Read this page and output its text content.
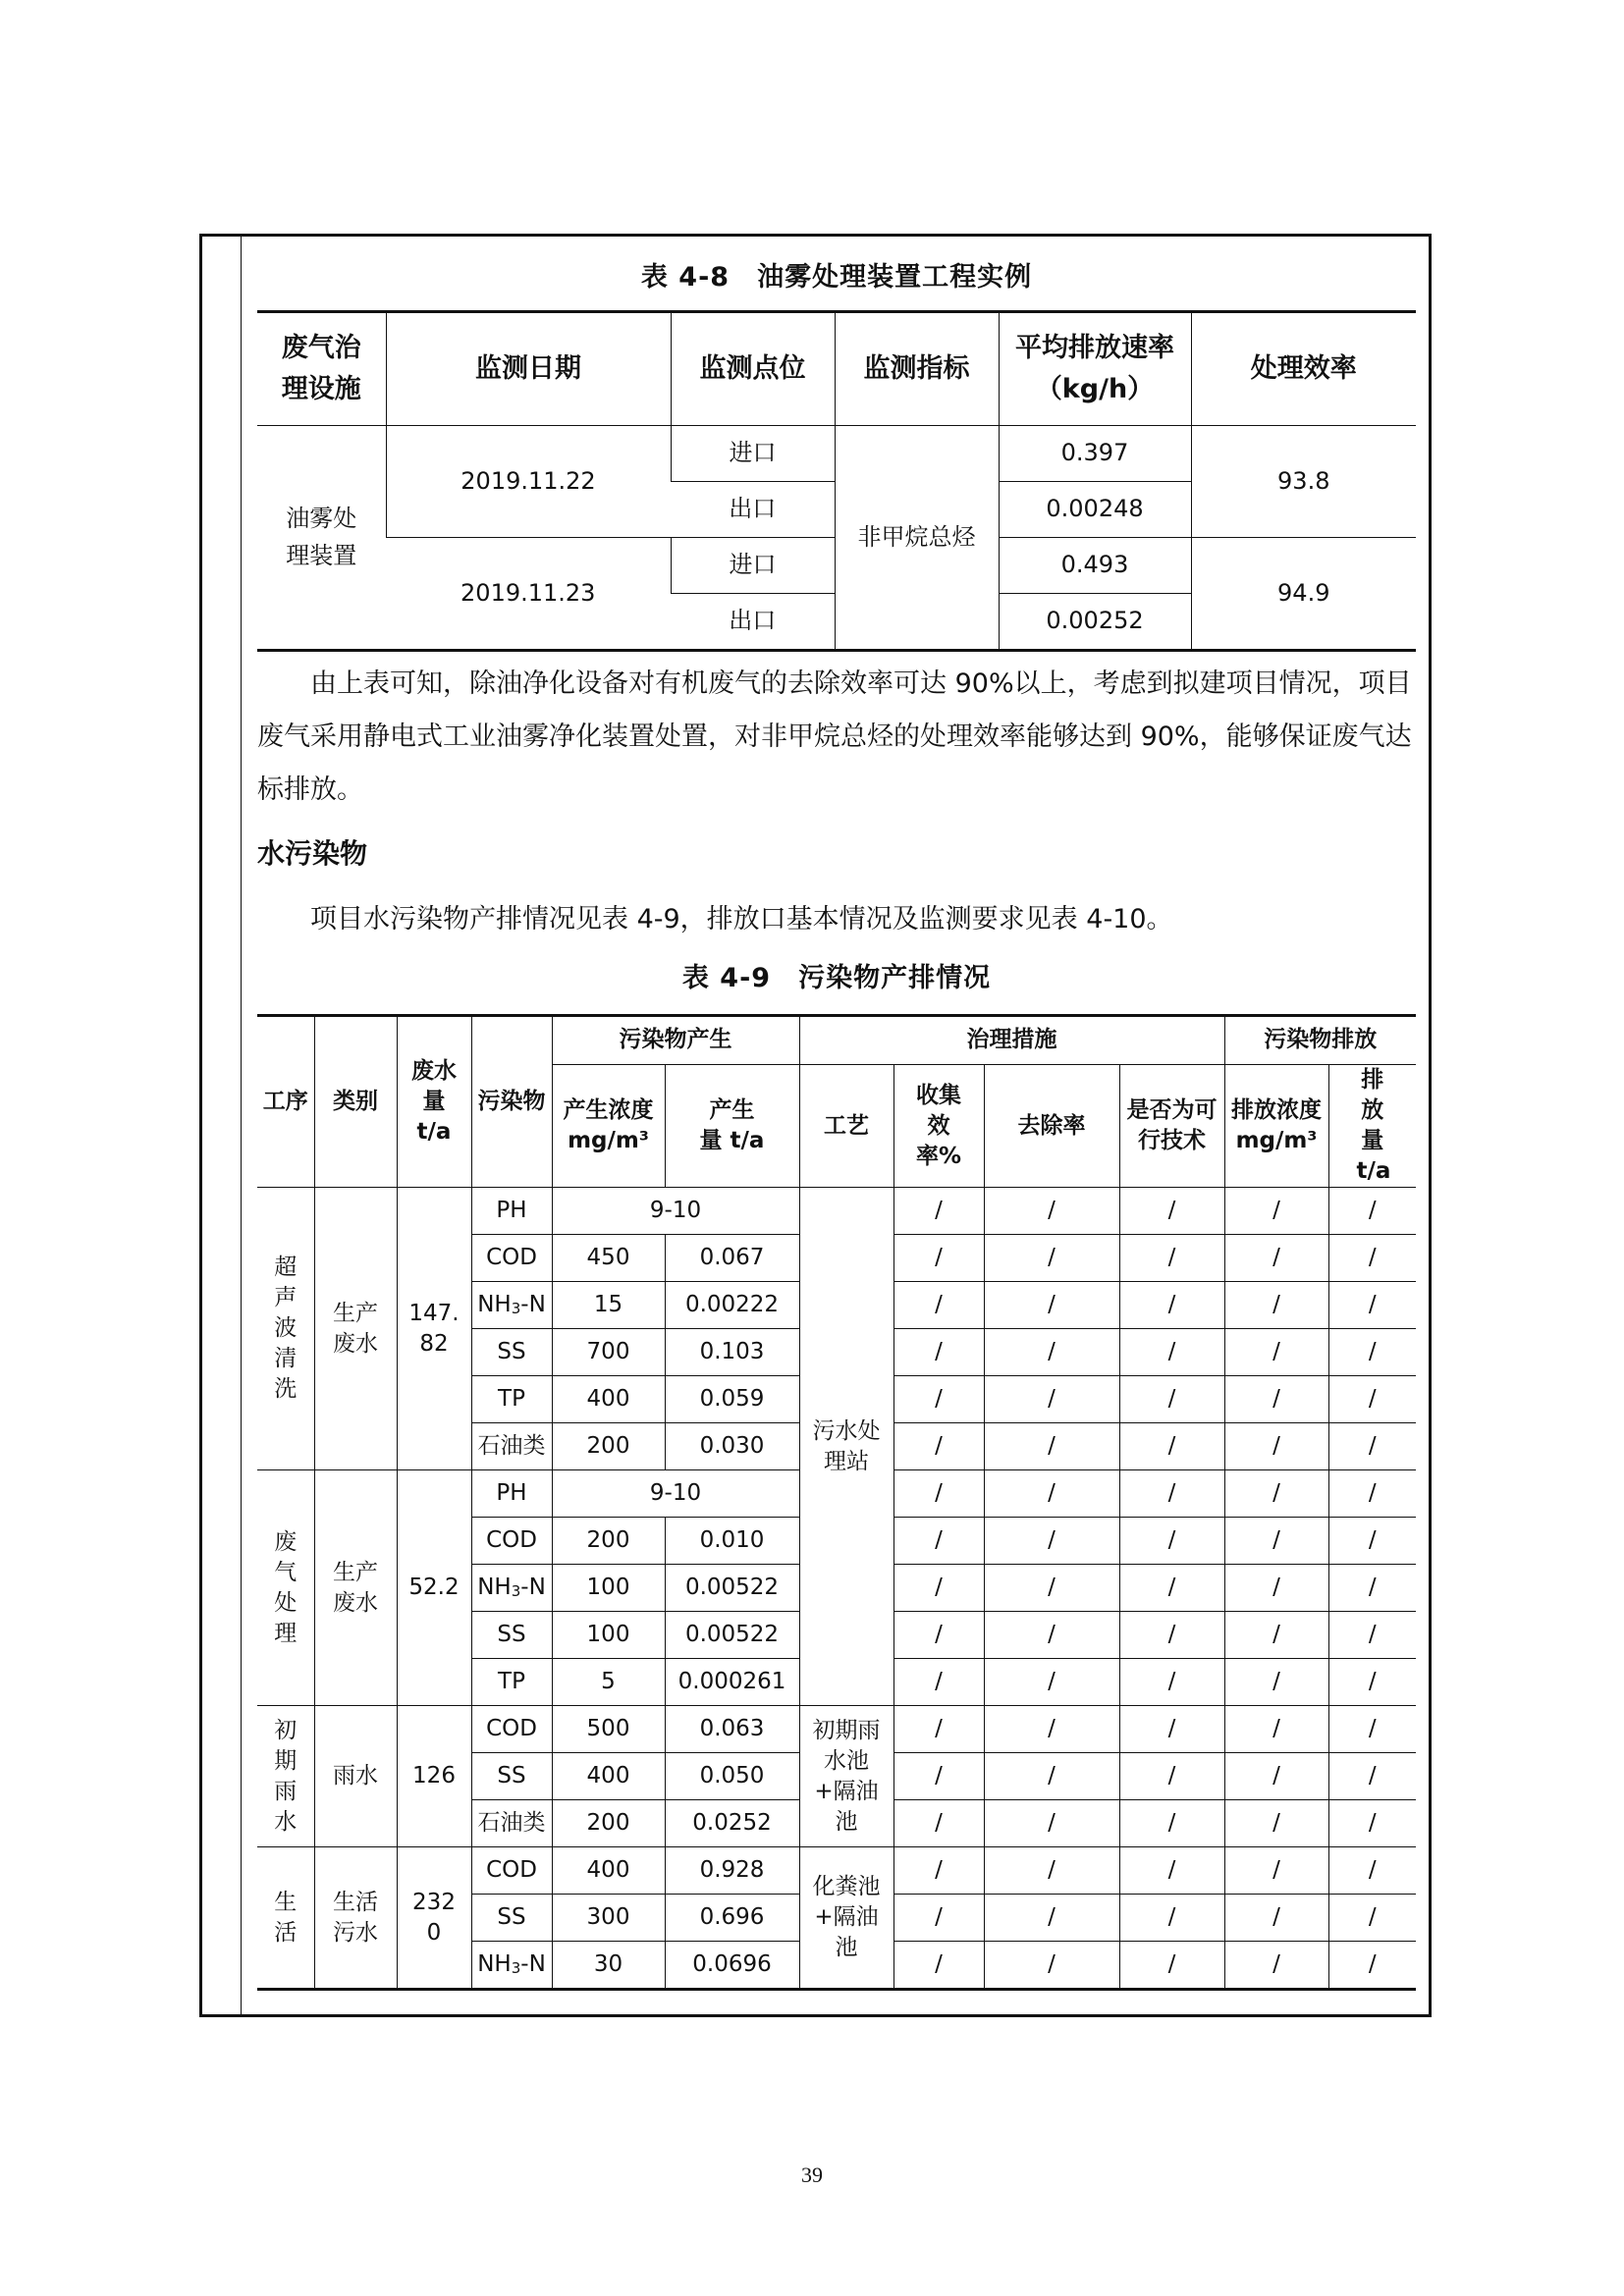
表 4-8　油雾处理装置工程实例
废气治理设施	监测日期	监测点位	监测指标	平均排放速率（kg/h）	处理效率
油雾处理装置	2019.11.22	进口	非甲烷总烃	0.397	93.8
		出口		0.00248	
	2019.11.23	进口		0.493	94.9
		出口		0.00252	
由上表可知，除油净化设备对有机废气的去除效率可达 90%以上，考虑到拟建项目情况，项目废气采用静电式工业油雾净化装置处置，对非甲烷总烃的处理效率能够达到 90%，能够保证废气达标排放。
水污染物
项目水污染物产排情况见表 4-9，排放口基本情况及监测要求见表 4-10。
表 4-9　污染物产排情况
工序	类别	废水量 t/a	污染物	污染物产生		治理措施				污染物排放	
				产生浓度 mg/m³	产生量 t/a	工艺	收集效率%	去除率	是否为可行技术	排放浓度 mg/m³	排放量 t/a
超声波清洗	生产废水	147.82	PH	9-10		污水处理站	/	/	/	/	/
			COD	450	0.067		/	/	/	/	/
			$NH_3-N$	15	0.00222		/	/	/	/	/
			SS	700	0.103		/	/	/	/	/
			TP	400	0.059		/	/	/	/	/
			石油类	200	0.030		/	/	/	/	/
废气处理	生产废水	52.2	PH	9-10			/	/	/	/	/
			COD	200	0.010		/	/	/	/	/
			$NH_3-N$	100	0.00522		/	/	/	/	/
			SS	100	0.00522		/	/	/	/	/
			TP	5	0.000261		/	/	/	/	/
初期雨水	雨水	126	COD	500	0.063	初期雨水池+隔油池	/	/	/	/	/
			SS	400	0.050		/	/	/	/	/
			石油类	200	0.0252		/	/	/	/	/
生活	生活污水	2320	COD	400	0.928	化粪池+隔油池	/	/	/	/	/
			SS	300	0.696		/	/	/	/	/
			$NH_3-N$	30	0.0696		/	/	/	/	/
39
